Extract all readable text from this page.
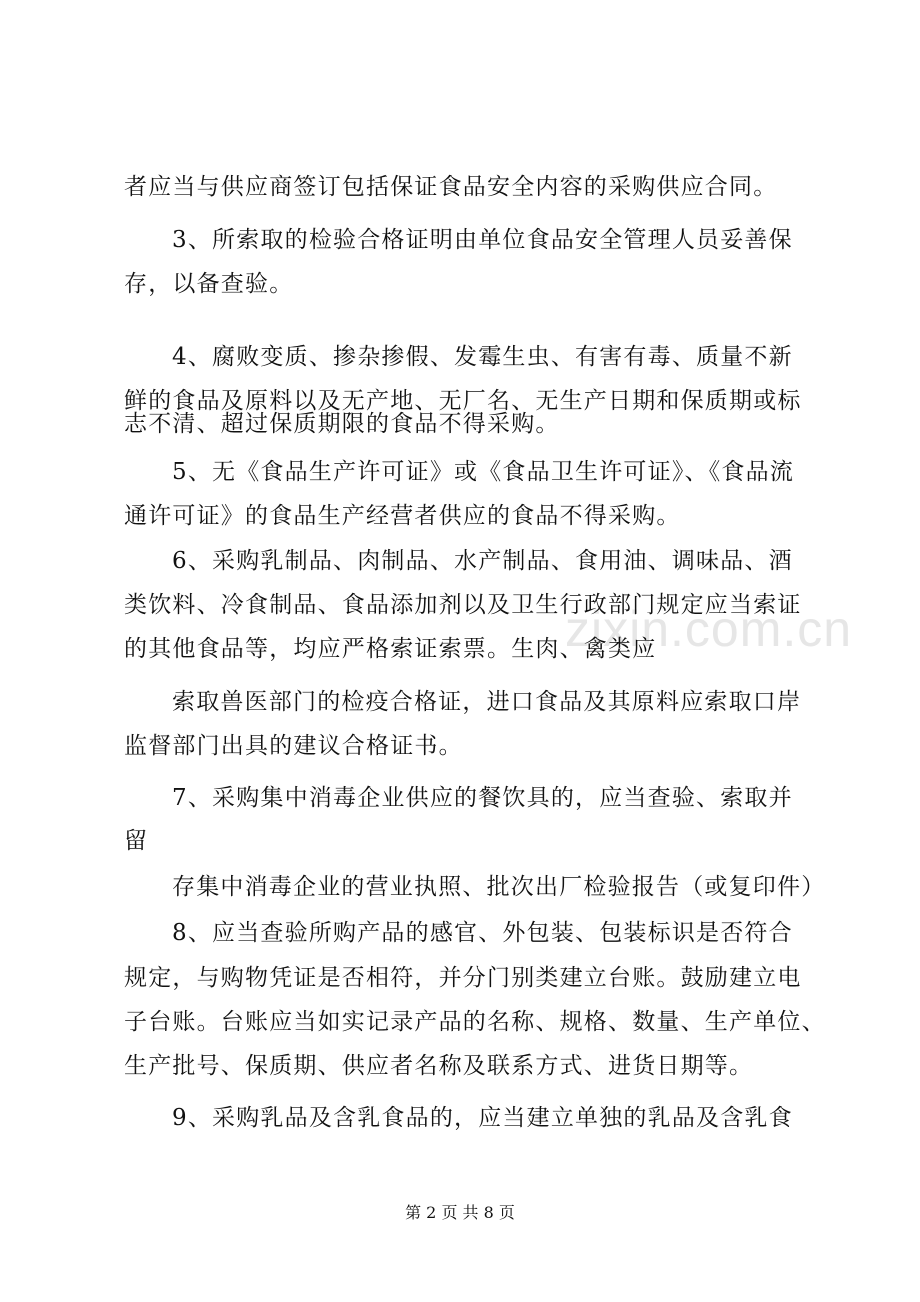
zixin.com.cn
者应当与供应商签订包括保证食品安全内容的采购供应合同。
3、所索取的检验合格证明由单位食品安全管理人员妥善保
存，以备查验。
4、腐败变质、掺杂掺假、发霉生虫、有害有毒、质量不新
鲜的食品及原料以及无产地、无厂名、无生产日期和保质期或标
志不清、超过保质期限的食品不得采购。
5、无《食品生产许可证》或《食品卫生许可证》、《食品流
通许可证》的食品生产经营者供应的食品不得采购。
6、采购乳制品、肉制品、水产制品、食用油、调味品、酒
类饮料、冷食制品、食品添加剂以及卫生行政部门规定应当索证
的其他食品等，均应严格索证索票。生肉、禽类应
索取兽医部门的检疫合格证，进口食品及其原料应索取口岸
监督部门出具的建议合格证书。
7、采购集中消毒企业供应的餐饮具的，应当查验、索取并
留
存集中消毒企业的营业执照、批次出厂检验报告（或复印件）
8、应当查验所购产品的感官、外包装、包装标识是否符合
规定，与购物凭证是否相符，并分门别类建立台账。鼓励建立电
子台账。台账应当如实记录产品的名称、规格、数量、生产单位、
生产批号、保质期、供应者名称及联系方式、进货日期等。
9、采购乳品及含乳食品的，应当建立单独的乳品及含乳食
第 2 页 共 8 页
